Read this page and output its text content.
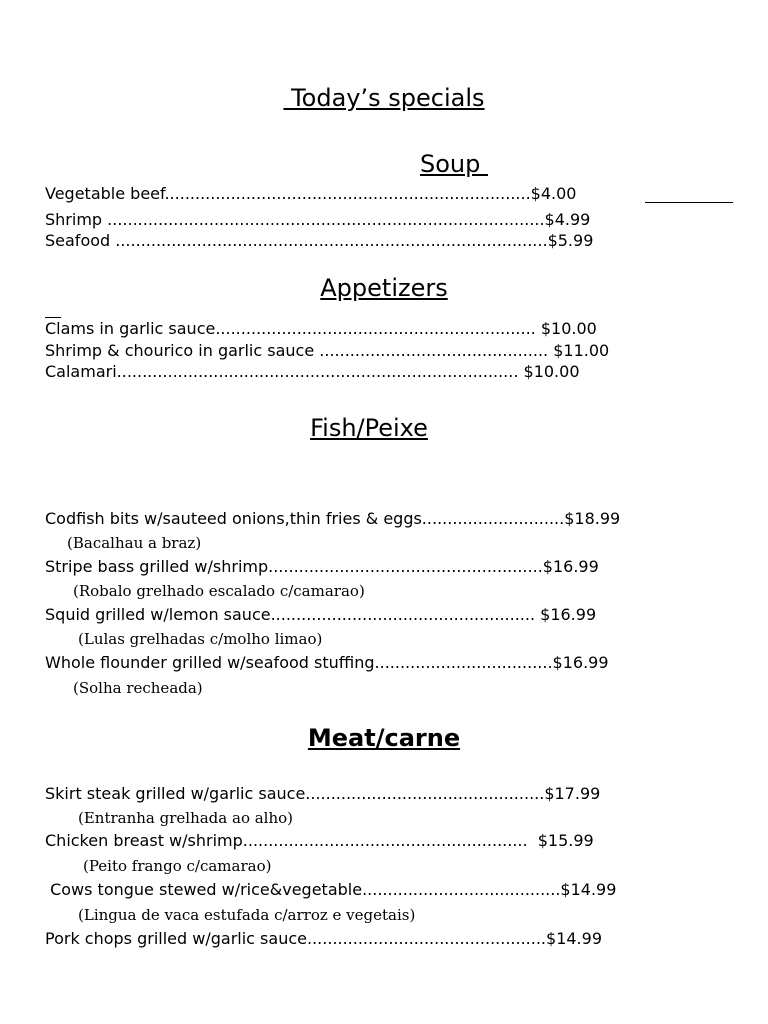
Today’s specials
Soup
Vegetable beef........................................................................$4.00
Shrimp ......................................................................................$4.99
Seafood .....................................................................................$5.99
Appetizers
Clams in garlic sauce............................................................... $10.00
Shrimp & chourico in garlic sauce ............................................. $11.00
Calamari............................................................................... $10.00
Fish/Peixe
Codfish bits w/sauteed onions,thin fries & eggs............................$18.99
(Bacalhau a braz)
Stripe bass grilled w/shrimp......................................................$16.99
(Robalo grelhado escalado c/camarao)
Squid grilled w/lemon sauce.................................................... $16.99
(Lulas grelhadas c/molho limao)
Whole flounder grilled w/seafood stuffing...................................$16.99
(Solha recheada)
Meat/carne
Skirt steak grilled w/garlic sauce...............................................$17.99
(Entranha grelhada ao alho)
Chicken breast w/shrimp........................................................  $15.99
(Peito frango c/camarao)
Cows tongue stewed w/rice&vegetable.......................................$14.99
(Lingua de vaca estufada c/arroz e vegetais)
Pork chops grilled w/garlic sauce...............................................$14.99
